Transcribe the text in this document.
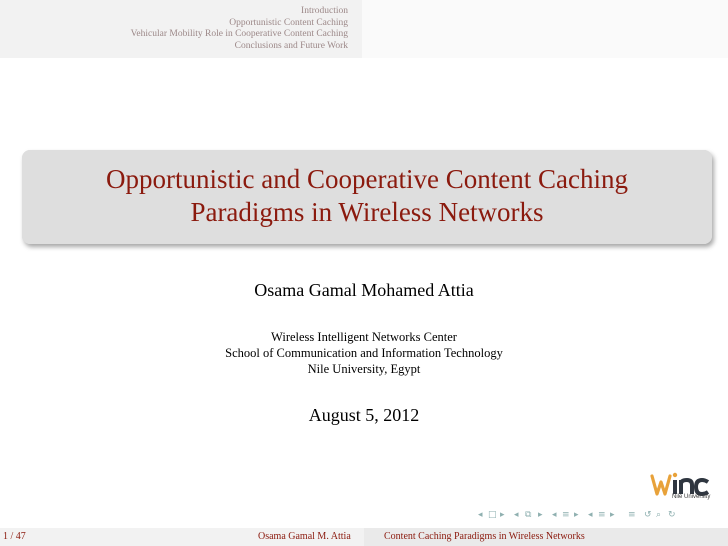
Introduction
Opportunistic Content Caching
Vehicular Mobility Role in Cooperative Content Caching
Conclusions and Future Work
Opportunistic and Cooperative Content Caching
Paradigms in Wireless Networks
Osama Gamal Mohamed Attia
Wireless Intelligent Networks Center
School of Communication and Information Technology
Nile University, Egypt
August 5, 2012
Nile University
◂ □ ▸ ◂ ⧉ ▸ ◂ ≡ ▸ ◂ ≡ ▸ ≡ ↺ ⌕ ↻
1 / 47	Osama Gamal M. Attia	Content Caching Paradigms in Wireless Networks
